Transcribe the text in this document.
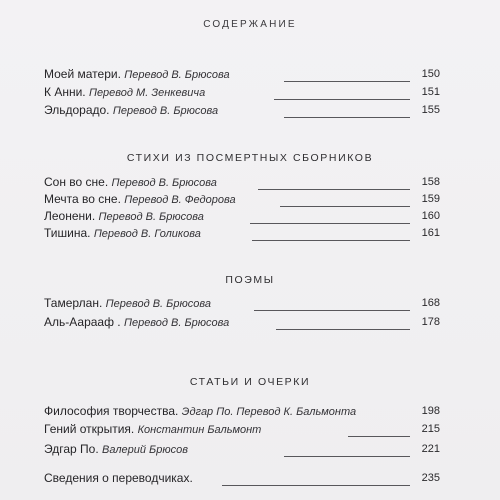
СОДЕРЖАНИЕ
Моей матери. Перевод В. Брюсова	150
К Анни. Перевод М. Зенкевича	151
Эльдорадо. Перевод В. Брюсова	155
СТИХИ ИЗ ПОСМЕРТНЫХ СБОРНИКОВ
Сон во сне. Перевод В. Брюсова	158
Мечта во сне. Перевод В. Федорова	159
Леонени. Перевод В. Брюсова	160
Тишина. Перевод В. Голикова	161
ПОЭМЫ
Тамерлан. Перевод В. Брюсова	168
Аль-Аарааф . Перевод В. Брюсова	178
СТАТЬИ И ОЧЕРКИ
Философия творчества. Эдгар По. Перевод К. Бальмонта	198
Гений открытия. Константин Бальмонт	215
Эдгар По. Валерий Брюсов	221
Сведения о переводчиках.	235
